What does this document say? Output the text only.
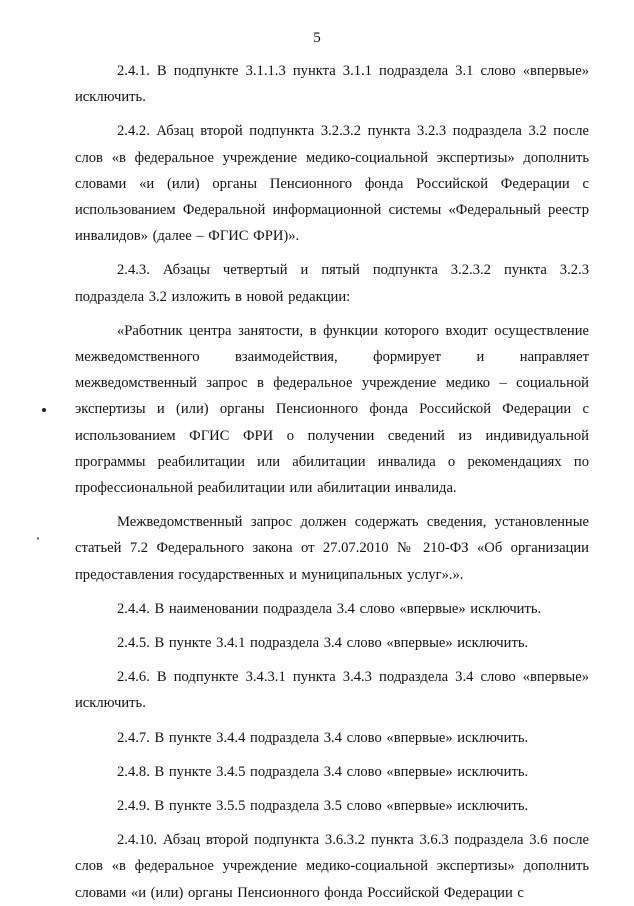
5

2.4.1. В подпункте 3.1.1.3 пункта 3.1.1 подраздела 3.1 слово «впервые» исключить.

2.4.2. Абзац второй подпункта 3.2.3.2 пункта 3.2.3 подраздела 3.2 после слов «в федеральное учреждение медико-социальной экспертизы» дополнить словами «и (или) органы Пенсионного фонда Российской Федерации с использованием Федеральной информационной системы «Федеральный реестр инвалидов» (далее – ФГИС ФРИ)».

2.4.3. Абзацы четвертый и пятый подпункта 3.2.3.2 пункта 3.2.3 подраздела 3.2 изложить в новой редакции:

«Работник центра занятости, в функции которого входит осуществление межведомственного взаимодействия, формирует и направляет межведомственный запрос в федеральное учреждение медико – социальной экспертизы и (или) органы Пенсионного фонда Российской Федерации с использованием ФГИС ФРИ о получении сведений из индивидуальной программы реабилитации или абилитации инвалида о рекомендациях по профессиональной реабилитации или абилитации инвалида.

Межведомственный запрос должен содержать сведения, установленные статьей 7.2 Федерального закона от 27.07.2010 № 210-ФЗ «Об организации предоставления государственных и муниципальных услуг».».

2.4.4. В наименовании подраздела 3.4 слово «впервые» исключить.

2.4.5. В пункте 3.4.1 подраздела 3.4 слово «впервые» исключить.

2.4.6. В подпункте 3.4.3.1 пункта 3.4.3 подраздела 3.4 слово «впервые» исключить.

2.4.7. В пункте 3.4.4 подраздела 3.4 слово «впервые» исключить.

2.4.8. В пункте 3.4.5 подраздела 3.4 слово «впервые» исключить.

2.4.9. В пункте 3.5.5 подраздела 3.5 слово «впервые» исключить.

2.4.10. Абзац второй подпункта 3.6.3.2 пункта 3.6.3 подраздела 3.6 после слов «в федеральное учреждение медико-социальной экспертизы» дополнить словами «и (или) органы Пенсионного фонда Российской Федерации с
